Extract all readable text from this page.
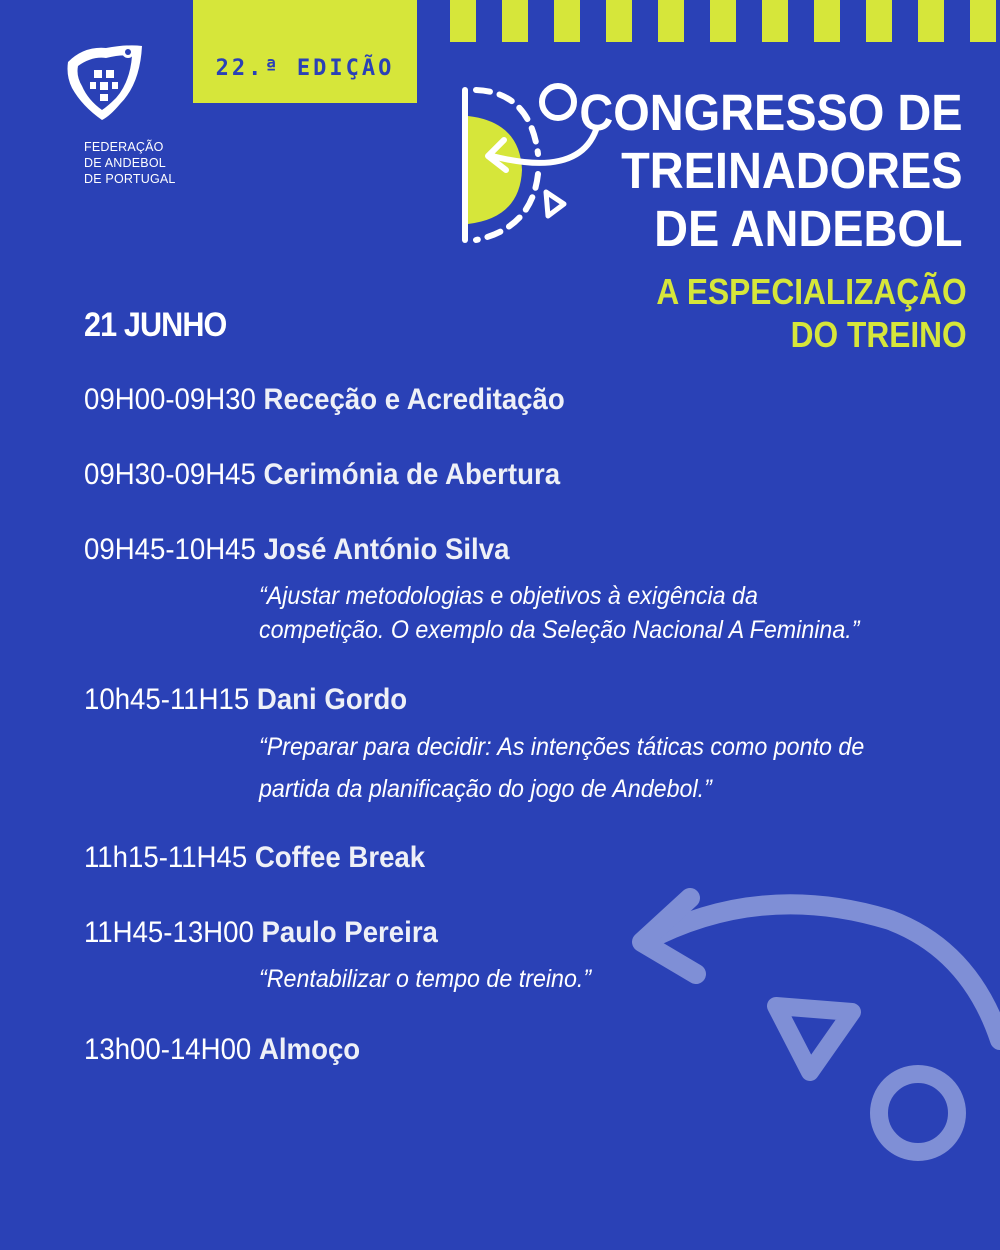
22.ª EDIÇÃO
FEDERAÇÃO
DE ANDEBOL
DE PORTUGAL
CONGRESSO DE
TREINADORES
DE ANDEBOL
A ESPECIALIZAÇÃO
DO TREINO
21 JUNHO
09H00-09H30 Receção e Acreditação
09H30-09H45 Cerimónia de Abertura
09H45-10H45 José António Silva
“Ajustar metodologias e objetivos à exigência da
competição. O exemplo da Seleção Nacional A Feminina.”
10h45-11H15 Dani Gordo
“Preparar para decidir: As intenções táticas como ponto de
partida da planificação do jogo de Andebol.”
11h15-11H45 Coffee Break
11H45-13H00 Paulo Pereira
“Rentabilizar o tempo de treino.”
13h00-14H00 Almoço
